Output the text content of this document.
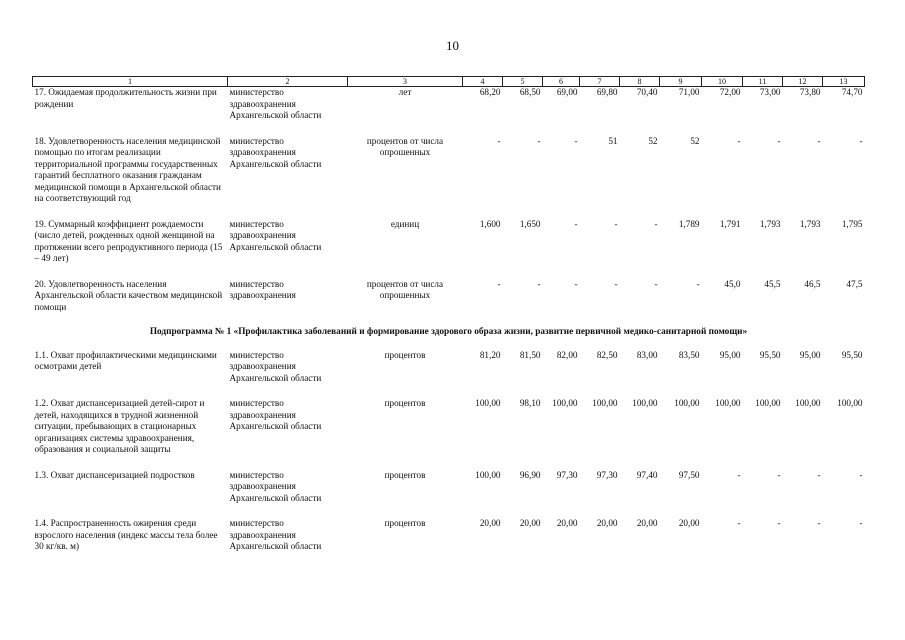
10
1	2	3	4	5	6	7	8	9	10	11	12	13
17. Ожидаемая продолжительность жизни при рождении	министерство здравоохранения Архангельской области	лет	68,20	68,50	69,00	69,80	70,40	71,00	72,00	73,00	73,80	74,70
18. Удовлетворенность населения медицинской помощью по итогам реализации территориальной программы государственных гарантий бесплатного оказания гражданам медицинской помощи в Архангельской области на соответствующий год	министерство здравоохранения Архангельской области	процентов от числа опрошенных	-	-	-	51	52	52	-	-	-	-
19. Суммарный коэффициент рождаемости (число детей, рожденных одной женщиной на протяжении всего репродуктивного периода (15 – 49 лет)	министерство здравоохранения Архангельской области	единиц	1,600	1,650	-	-	-	1,789	1,791	1,793	1,793	1,795
20. Удовлетворенность населения Архангельской области качеством медицинской помощи	министерство здравоохранения	процентов от числа опрошенных	-	-	-	-	-	-	45,0	45,5	46,5	47,5
Подпрограмма № 1 «Профилактика заболеваний и формирование здорового образа жизни, развитие первичной медико-санитарной помощи»												
1.1. Охват профилактическими медицинскими осмотрами детей	министерство здравоохранения Архангельской области	процентов	81,20	81,50	82,00	82,50	83,00	83,50	95,00	95,50	95,00	95,50
1.2. Охват диспансеризацией детей-сирот и детей, находящихся в трудной жизненной ситуации, пребывающих в стационарных организациях системы здравоохранения, образования и социальной защиты	министерство здравоохранения Архангельской области	процентов	100,00	98,10	100,00	100,00	100,00	100,00	100,00	100,00	100,00	100,00
1.3. Охват диспансеризацией подростков	министерство здравоохранения Архангельской области	процентов	100,00	96,90	97,30	97,30	97,40	97,50	-	-	-	-
1.4. Распространенность ожирения среди взрослого населения (индекс массы тела более 30 кг/кв. м)	министерство здравоохранения Архангельской области	процентов	20,00	20,00	20,00	20,00	20,00	20,00	-	-	-	-
